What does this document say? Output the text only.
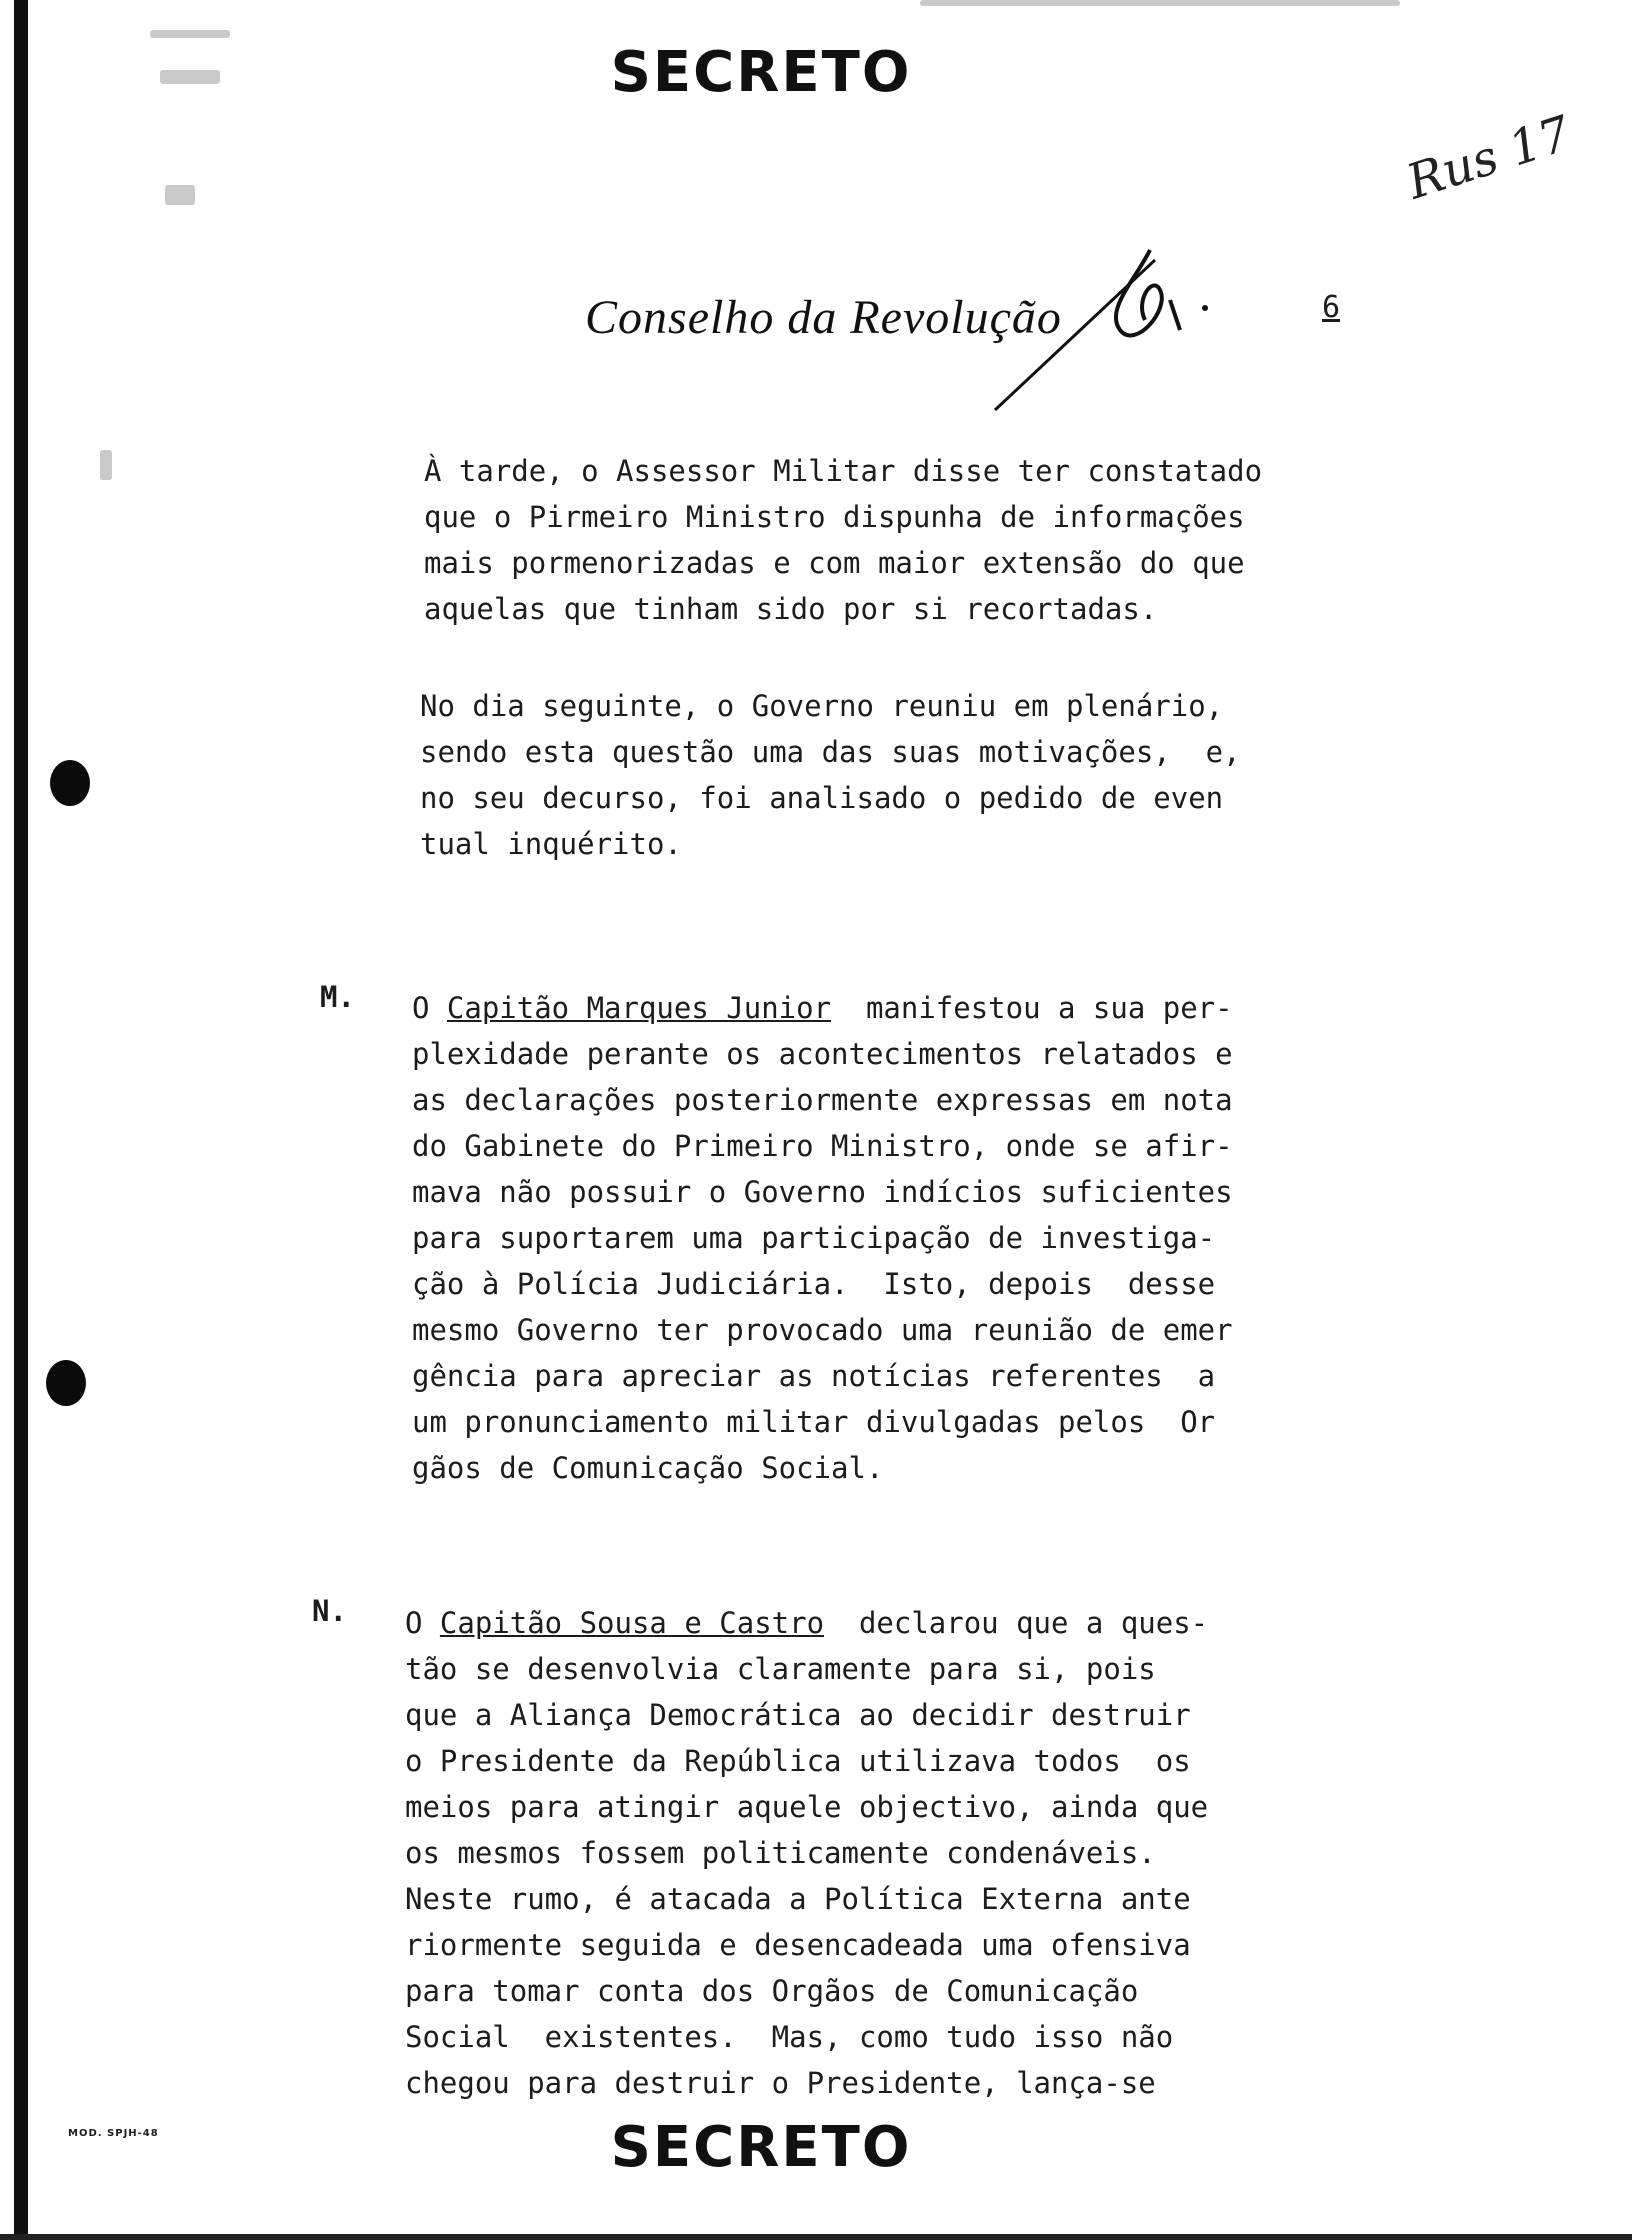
SECRETO
Rus 17
Conselho da Revolução	6
À tarde, o Assessor Militar disse ter constatado
que o Pirmeiro Ministro dispunha de informações
mais pormenorizadas e com maior extensão do que
aquelas que tinham sido por si recortadas.
No dia seguinte, o Governo reuniu em plenário,
sendo esta questão uma das suas motivações,  e,
no seu decurso, foi analisado o pedido de even
tual inquérito.
M. O Capitão Marques Junior  manifestou a sua per-
plexidade perante os acontecimentos relatados e
as declarações posteriormente expressas em nota
do Gabinete do Primeiro Ministro, onde se afir-
mava não possuir o Governo indícios suficientes
para suportarem uma participação de investiga-
ção à Polícia Judiciária.  Isto, depois  desse
mesmo Governo ter provocado uma reunião de emer
gência para apreciar as notícias referentes  a
um pronunciamento militar divulgadas pelos  Or
gãos de Comunicação Social.
N. O Capitão Sousa e Castro  declarou que a ques-
tão se desenvolvia claramente para si, pois
que a Aliança Democrática ao decidir destruir
o Presidente da República utilizava todos  os
meios para atingir aquele objectivo, ainda que
os mesmos fossem politicamente condenáveis.
Neste rumo, é atacada a Política Externa ante
riormente seguida e desencadeada uma ofensiva
para tomar conta dos Orgãos de Comunicação
Social  existentes.  Mas, como tudo isso não
chegou para destruir o Presidente, lança-se
MOD. SPJH-48	SECRETO
